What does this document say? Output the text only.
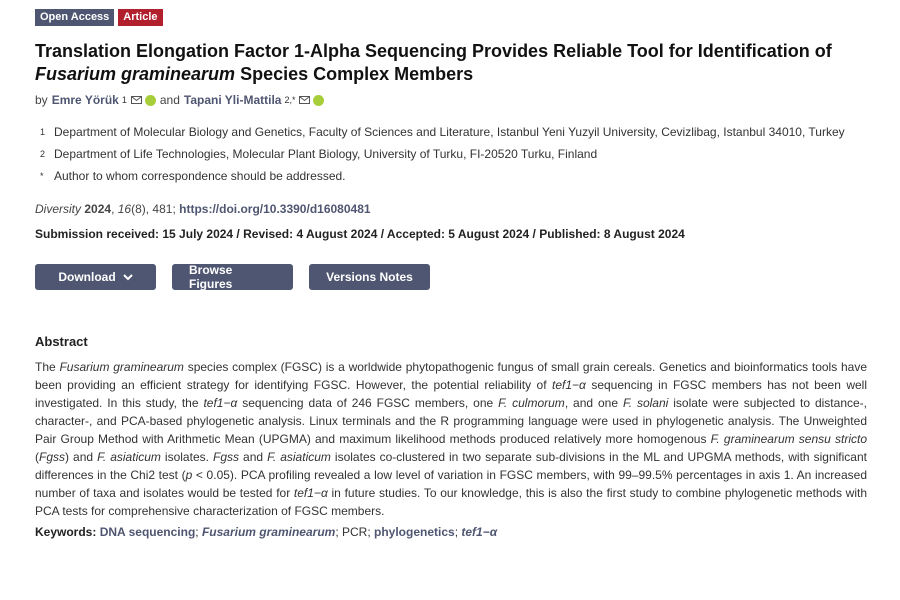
Open Access	Article
Translation Elongation Factor 1-Alpha Sequencing Provides Reliable Tool for Identification of Fusarium graminearum Species Complex Members
by Emre Yörük 1	and Tapani Yli-Mattila 2,*
1 Department of Molecular Biology and Genetics, Faculty of Sciences and Literature, Istanbul Yeni Yuzyil University, Cevizlibag, Istanbul 34010, Turkey
2 Department of Life Technologies, Molecular Plant Biology, University of Turku, FI-20520 Turku, Finland
* Author to whom correspondence should be addressed.
Diversity 2024, 16(8), 481; https://doi.org/10.3390/d16080481
Submission received: 15 July 2024 / Revised: 4 August 2024 / Accepted: 5 August 2024 / Published: 8 August 2024
Download	Browse Figures	Versions Notes
Abstract
The Fusarium graminearum species complex (FGSC) is a worldwide phytopathogenic fungus of small grain cereals. Genetics and bioinformatics tools have been providing an efficient strategy for identifying FGSC. However, the potential reliability of tef1−α sequencing in FGSC members has not been well investigated. In this study, the tef1−α sequencing data of 246 FGSC members, one F. culmorum, and one F. solani isolate were subjected to distance-, character-, and PCA-based phylogenetic analysis. Linux terminals and the R programming language were used in phylogenetic analysis. The Unweighted Pair Group Method with Arithmetic Mean (UPGMA) and maximum likelihood methods produced relatively more homogenous F. graminearum sensu stricto (Fgss) and F. asiaticum isolates. Fgss and F. asiaticum isolates co-clustered in two separate sub-divisions in the ML and UPGMA methods, with significant differences in the Chi2 test (p < 0.05). PCA profiling revealed a low level of variation in FGSC members, with 99–99.5% percentages in axis 1. An increased number of taxa and isolates would be tested for tef1−α in future studies. To our knowledge, this is also the first study to combine phylogenetic methods with PCA tests for comprehensive characterization of FGSC members.
Keywords: DNA sequencing; Fusarium graminearum; PCR; phylogenetics; tef1−α
